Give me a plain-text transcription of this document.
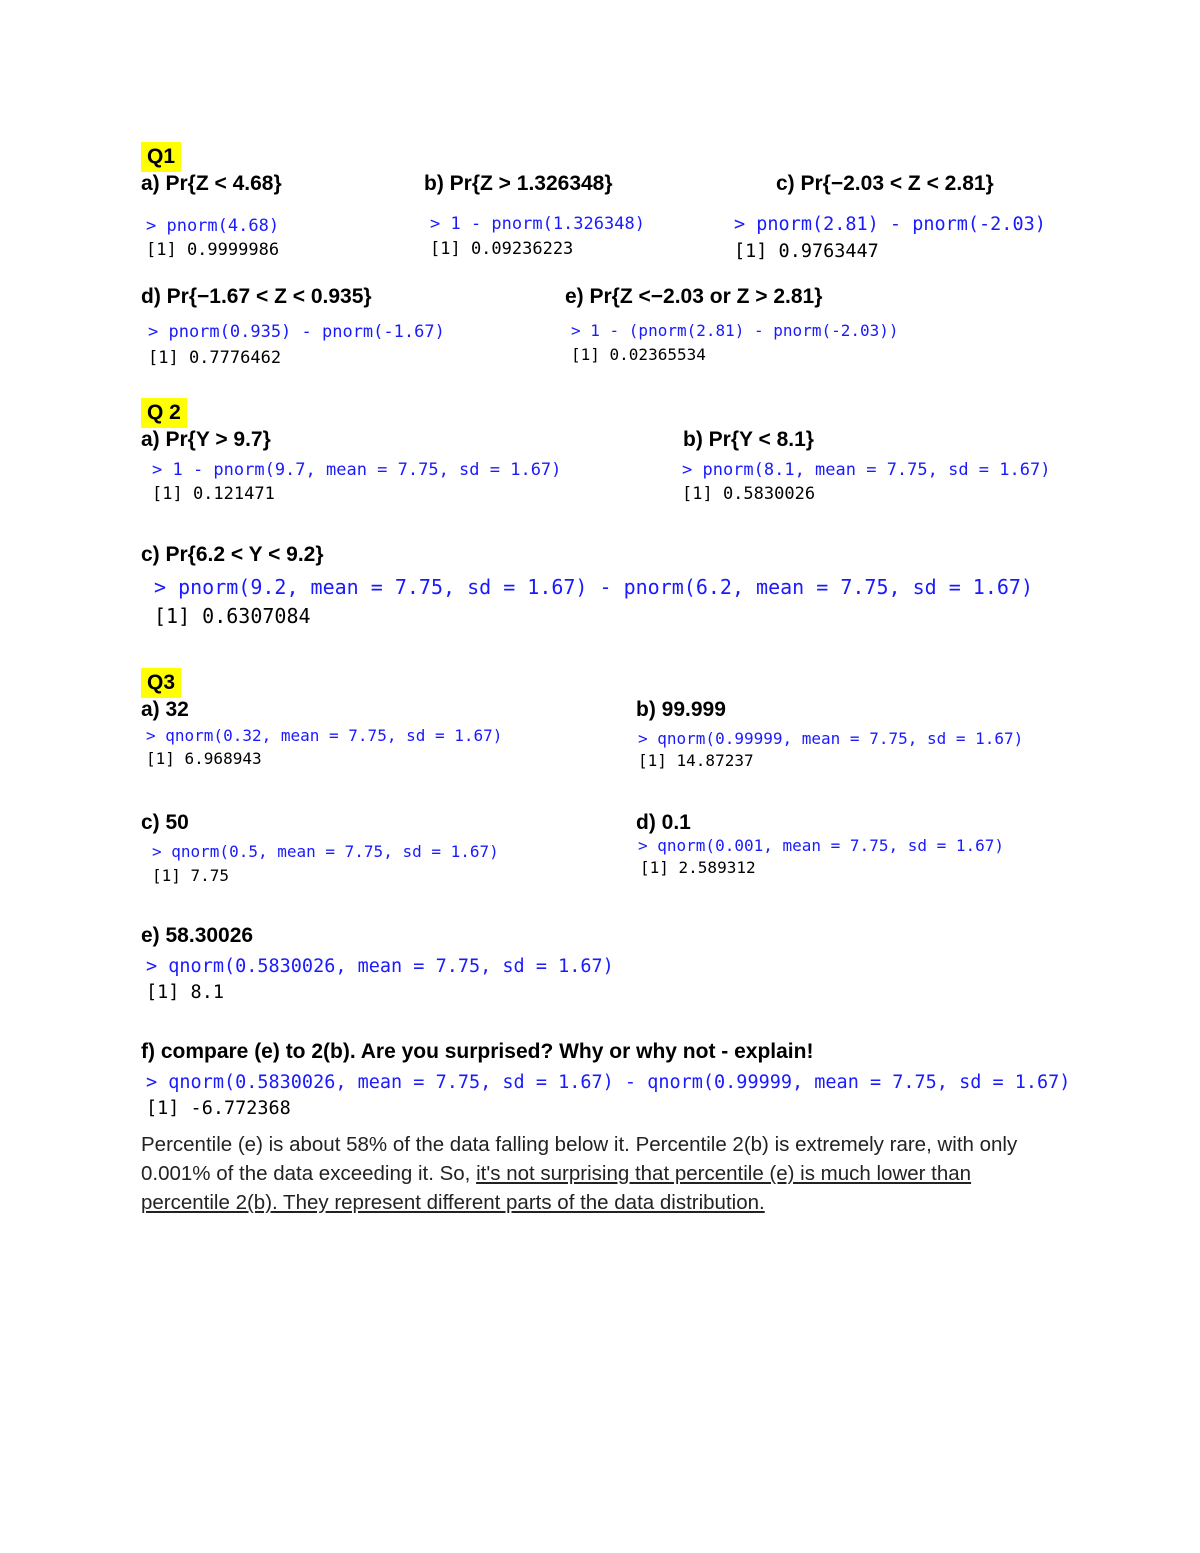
Q1
a) Pr{Z < 4.68}
> pnorm(4.68)
[1] 0.9999986
b) Pr{Z > 1.326348}
> 1 - pnorm(1.326348)
[1] 0.09236223
c) Pr{−2.03 < Z < 2.81}
> pnorm(2.81) - pnorm(-2.03)
[1] 0.9763447
d) Pr{−1.67 < Z < 0.935}
> pnorm(0.935) - pnorm(-1.67)
[1] 0.7776462
e) Pr{Z <−2.03 or Z > 2.81}
> 1 - (pnorm(2.81) - pnorm(-2.03))
[1] 0.02365534
Q 2
a) Pr{Y > 9.7}
> 1 - pnorm(9.7, mean = 7.75, sd = 1.67)
[1] 0.121471
b) Pr{Y < 8.1}
> pnorm(8.1, mean = 7.75, sd = 1.67)
[1] 0.5830026
c) Pr{6.2 < Y < 9.2}
> pnorm(9.2, mean = 7.75, sd = 1.67) - pnorm(6.2, mean = 7.75, sd = 1.67)
[1] 0.6307084
Q3
a) 32
> qnorm(0.32, mean = 7.75, sd = 1.67)
[1] 6.968943
b) 99.999
> qnorm(0.99999, mean = 7.75, sd = 1.67)
[1] 14.87237
c) 50
> qnorm(0.5, mean = 7.75, sd = 1.67)
[1] 7.75
d) 0.1
> qnorm(0.001, mean = 7.75, sd = 1.67)
[1] 2.589312
e) 58.30026
> qnorm(0.5830026, mean = 7.75, sd = 1.67)
[1] 8.1
f) compare (e) to 2(b). Are you surprised? Why or why not - explain!
> qnorm(0.5830026, mean = 7.75, sd = 1.67) - qnorm(0.99999, mean = 7.75, sd = 1.67)
[1] -6.772368
Percentile (e) is about 58% of the data falling below it. Percentile 2(b) is extremely rare, with only 0.001% of the data exceeding it. So, it's not surprising that percentile (e) is much lower than percentile 2(b). They represent different parts of the data distribution.
